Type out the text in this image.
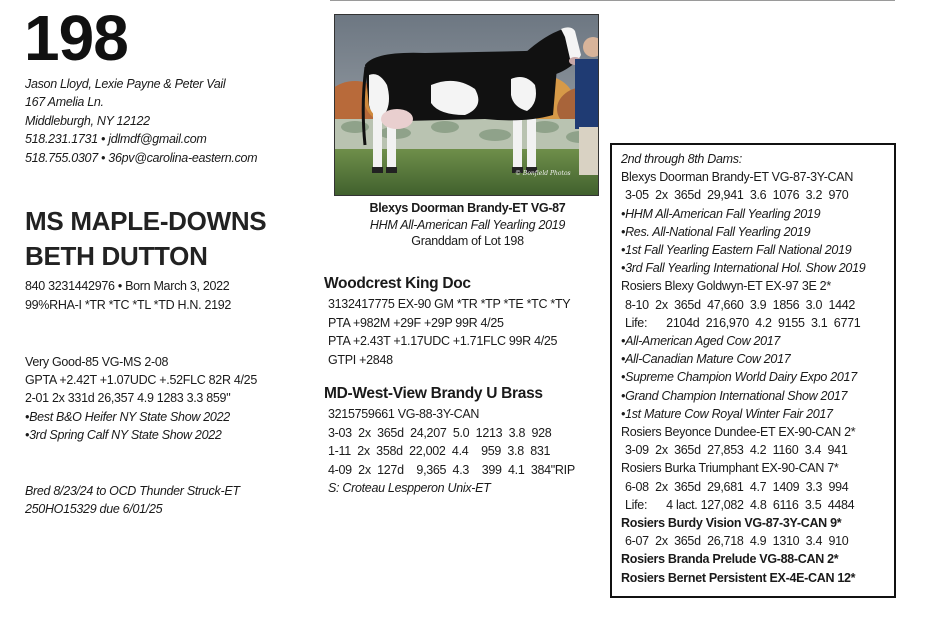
198
Jason Lloyd, Lexie Payne & Peter Vail
167 Amelia Ln.
Middleburgh, NY 12122
518.231.1731 • jdlmdf@gmail.com
518.755.0307 • 36pv@carolina-eastern.com
MS MAPLE-DOWNS
BETH DUTTON
840 3231442976 • Born March 3, 2022
99%RHA-I *TR *TC *TL *TD H.N. 2192
Very Good-85 VG-MS 2-08
GPTA +2.42T +1.07UDC +.52FLC 82R 4/25
2-01 2x 331d 26,357 4.9 1283 3.3 859"
•Best B&O Heifer NY State Show 2022
•3rd Spring Calf NY State Show 2022
Bred 8/23/24 to OCD Thunder Struck-ET
250HO15329 due 6/01/25
© Bonfield Photos
Blexys Doorman Brandy-ET VG-87
HHM All-American Fall Yearling 2019
Granddam of Lot 198
Woodcrest King Doc
3132417775 EX-90 GM *TR *TP *TE *TC *TY
PTA +982M +29F +29P 99R 4/25
PTA +2.43T +1.17UDC +1.71FLC 99R 4/25
GTPI +2848
MD-West-View Brandy U Brass
3215759661 VG-88-3Y-CAN
3-03  2x  365d  24,207  5.0  1213  3.8  928
1-11  2x  358d  22,002  4.4    959  3.8  831
4-09  2x  127d    9,365  4.3    399  4.1  384"RIP
S: Croteau Lespperon Unix-ET
2nd through 8th Dams:
Blexys Doorman Brandy-ET VG-87-3Y-CAN
3-05  2x  365d  29,941  3.6  1076  3.2  970
•HHM All-American Fall Yearling 2019
•Res. All-National Fall Yearling 2019
•1st Fall Yearling Eastern Fall National 2019
•3rd Fall Yearling International Hol. Show 2019
Rosiers Blexy Goldwyn-ET EX-97 3E 2*
8-10  2x  365d  47,660  3.9  1856  3.0  1442
Life:      2104d  216,970  4.2  9155  3.1  6771
•All-American Aged Cow 2017
•All-Canadian Mature Cow 2017
•Supreme Champion World Dairy Expo 2017
•Grand Champion International Show 2017
•1st Mature Cow Royal Winter Fair 2017
Rosiers Beyonce Dundee-ET EX-90-CAN 2*
3-09  2x  365d  27,853  4.2  1160  3.4  941
Rosiers Burka Triumphant EX-90-CAN 7*
6-08  2x  365d  29,681  4.7  1409  3.3  994
Life:      4 lact. 127,082  4.8  6116  3.5  4484
Rosiers Burdy Vision VG-87-3Y-CAN 9*
6-07  2x  365d  26,718  4.9  1310  3.4  910
Rosiers Branda Prelude VG-88-CAN 2*
Rosiers Bernet Persistent EX-4E-CAN 12*
